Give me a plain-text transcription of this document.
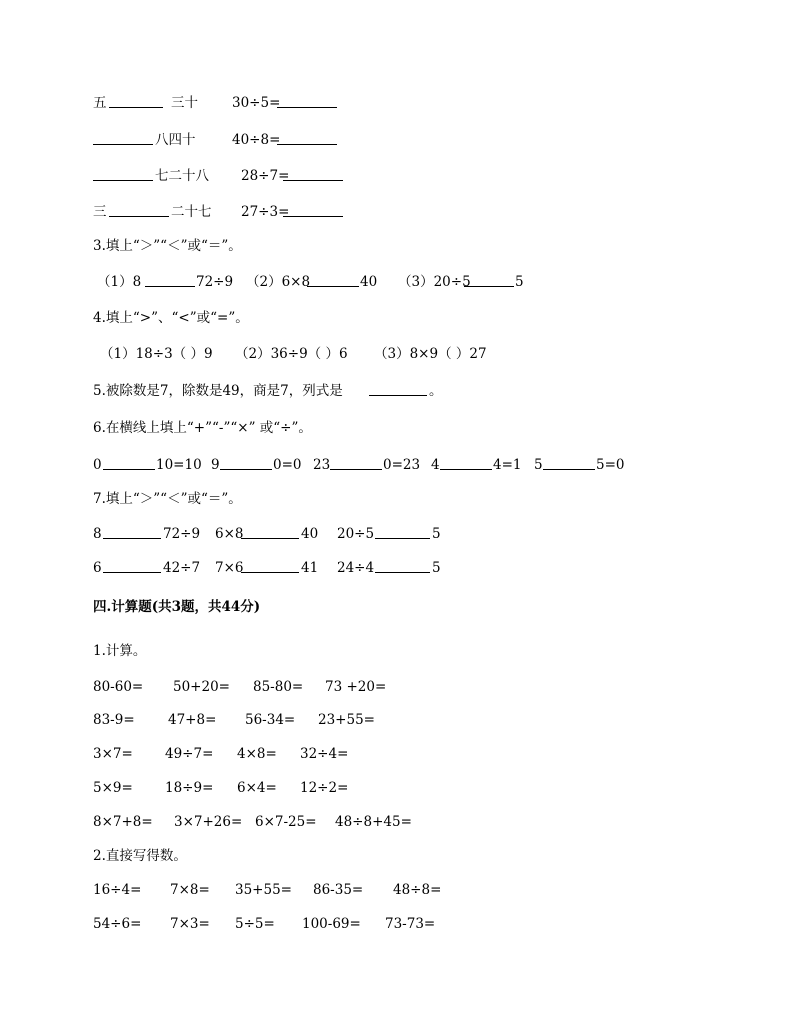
五	三十	30÷5=
八四十	40÷8=
七二十八 28÷7=
三	二十七 27÷3=
3.填上“＞”“＜”或“＝”。
（1）8	72÷9 （2）6×8	40 （3）20÷5	5
4.填上“>”、“<”或“=”。
（1）18÷3（ ）9 （2）36÷9（ ）6 （3）8×9（ ）27
5.被除数是7，除数是49，商是7，列式是	。
6.在横线上填上“+”“-”“×” 或“÷”。
0	10=10 9	0=0 23	0=23 4	4=1 5	5=0
7.填上“＞”“＜”或“＝”。
8	72÷9 6×8	40 20÷5	5
6	42÷7 7×6	41 24÷4	5
四.计算题(共3题，共44分)
1.计算。
80-60= 50+20= 85-80= 73 +20=
83-9= 47+8= 56-34= 23+55=
3×7= 49÷7= 4×8= 32÷4=
5×9= 18÷9= 6×4= 12÷2=
8×7+8= 3×7+26= 6×7-25= 48÷8+45=
2.直接写得数。
16÷4= 7×8= 35+55= 86-35= 48÷8=
54÷6= 7×3= 5÷5= 100-69= 73-73=
